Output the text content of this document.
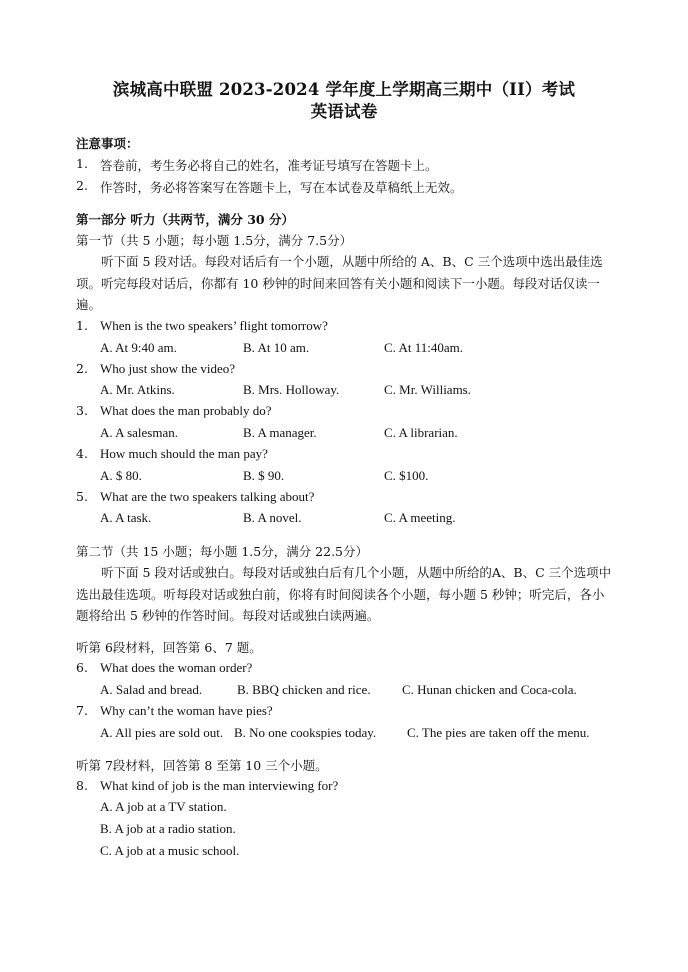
滨城高中联盟 2023-2024 学年度上学期高三期中（II）考试
英语试卷
注意事项：
1. 答卷前，考生务必将自己的姓名，准考证号填写在答题卡上。
2. 作答时，务必将答案写在答题卡上，写在本试卷及草稿纸上无效。
第一部分 听力（共两节，满分 30 分）
第一节（共 5 小题；每小题 1.5分，满分 7.5分）
听下面 5 段对话。每段对话后有一个小题，从题中所给的 A、B、C 三个选项中选出最佳选项。听完每段对话后，你都有 10 秒钟的时间来回答有关小题和阅读下一小题。每段对话仅读一遍。
1. When is the two speakers’ flight tomorrow?
A. At 9:40 am.	B. At 10 am.	C. At 11:40am.
2. Who just show the video?
A. Mr. Atkins.	B. Mrs. Holloway.	C. Mr. Williams.
3. What does the man probably do?
A. A salesman.	B. A manager.	C. A librarian.
4. How much should the man pay?
A. $ 80.	B. $ 90.	C. $100.
5. What are the two speakers talking about?
A. A task.	B. A novel.	C. A meeting.
第二节（共 15 小题；每小题 1.5分，满分 22.5分）
听下面 5 段对话或独白。每段对话或独白后有几个小题，从题中所给的A、B、C 三个选项中选出最佳选项。听每段对话或独白前，你将有时间阅读各个小题，每小题 5 秒钟；听完后，各小题将给出 5 秒钟的作答时间。每段对话或独白读两遍。
听第 6段材料，回答第 6、7 题。
6. What does the woman order?
A. Salad and bread.	B. BBQ chicken and rice. C. Hunan chicken and Coca-cola.
7. Why can’t the woman have pies?
A. All pies are sold out. B. No one cookspies today. C. The pies are taken off the menu.
听第 7段材料，回答第 8 至第 10 三个小题。
8. What kind of job is the man interviewing for?
A. A job at a TV station.
B. A job at a radio station.
C. A job at a music school.
